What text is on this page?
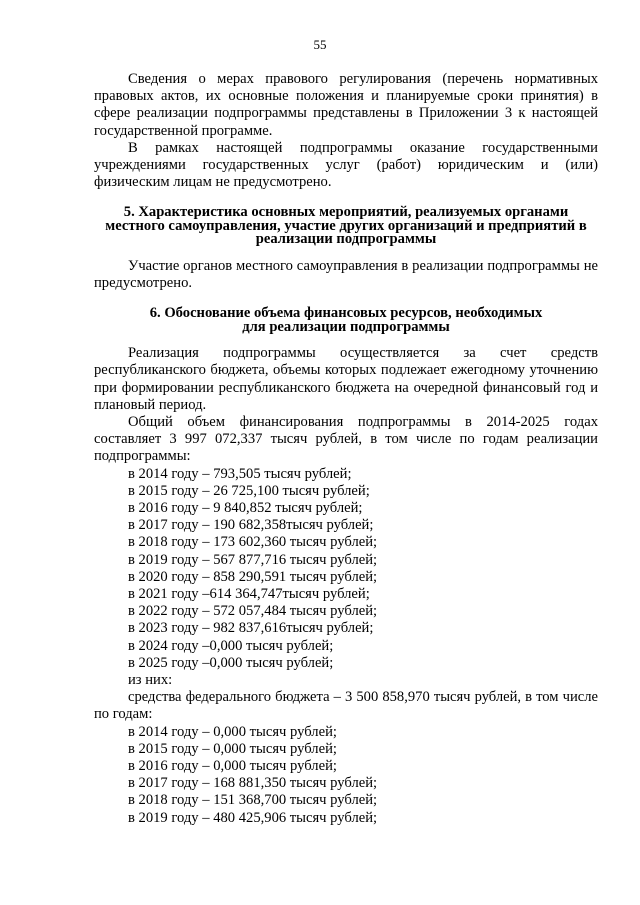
55

Сведения о мерах правового регулирования (перечень нормативных правовых актов, их основные положения и планируемые сроки принятия) в сфере реализации подпрограммы представлены в Приложении 3 к настоящей государственной программе.

В рамках настоящей подпрограммы оказание государственными учреждениями государственных услуг (работ) юридическим и (или) физическим лицам не предусмотрено.

5. Характеристика основных мероприятий, реализуемых органами

местного самоуправления, участие других организаций и предприятий в

реализации подпрограммы

Участие органов местного самоуправления в реализации подпрограммы не предусмотрено.

6. Обоснование объема финансовых ресурсов, необходимых

для реализации подпрограммы

Реализация подпрограммы осуществляется за счет средств республиканского бюджета, объемы которых подлежает ежегодному уточнению при формировании республиканского бюджета на очередной финансовый год и плановый период.

Общий объем финансирования подпрограммы в 2014-2025 годах составляет 3 997 072,337 тысяч рублей, в том числе по годам реализации подпрограммы:

в 2014 году – 793,505 тысяч рублей;
в 2015 году – 26 725,100 тысяч рублей;
в 2016 году – 9 840,852 тысяч рублей;
в 2017 году – 190 682,358тысяч рублей;
в 2018 году – 173 602,360 тысяч рублей;
в 2019 году – 567 877,716 тысяч рублей;
в 2020 году – 858 290,591 тысяч рублей;
в 2021 году –614 364,747тысяч рублей;
в 2022 году – 572 057,484 тысяч рублей;
в 2023 году – 982 837,616тысяч рублей;
в 2024 году –0,000 тысяч рублей;
в 2025 году –0,000 тысяч рублей;
из них:

средства федерального бюджета – 3 500 858,970 тысяч рублей, в том числе по годам:

в 2014 году – 0,000 тысяч рублей;
в 2015 году – 0,000 тысяч рублей;
в 2016 году – 0,000 тысяч рублей;
в 2017 году – 168 881,350 тысяч рублей;
в 2018 году – 151 368,700 тысяч рублей;
в 2019 году – 480 425,906 тысяч рублей;
